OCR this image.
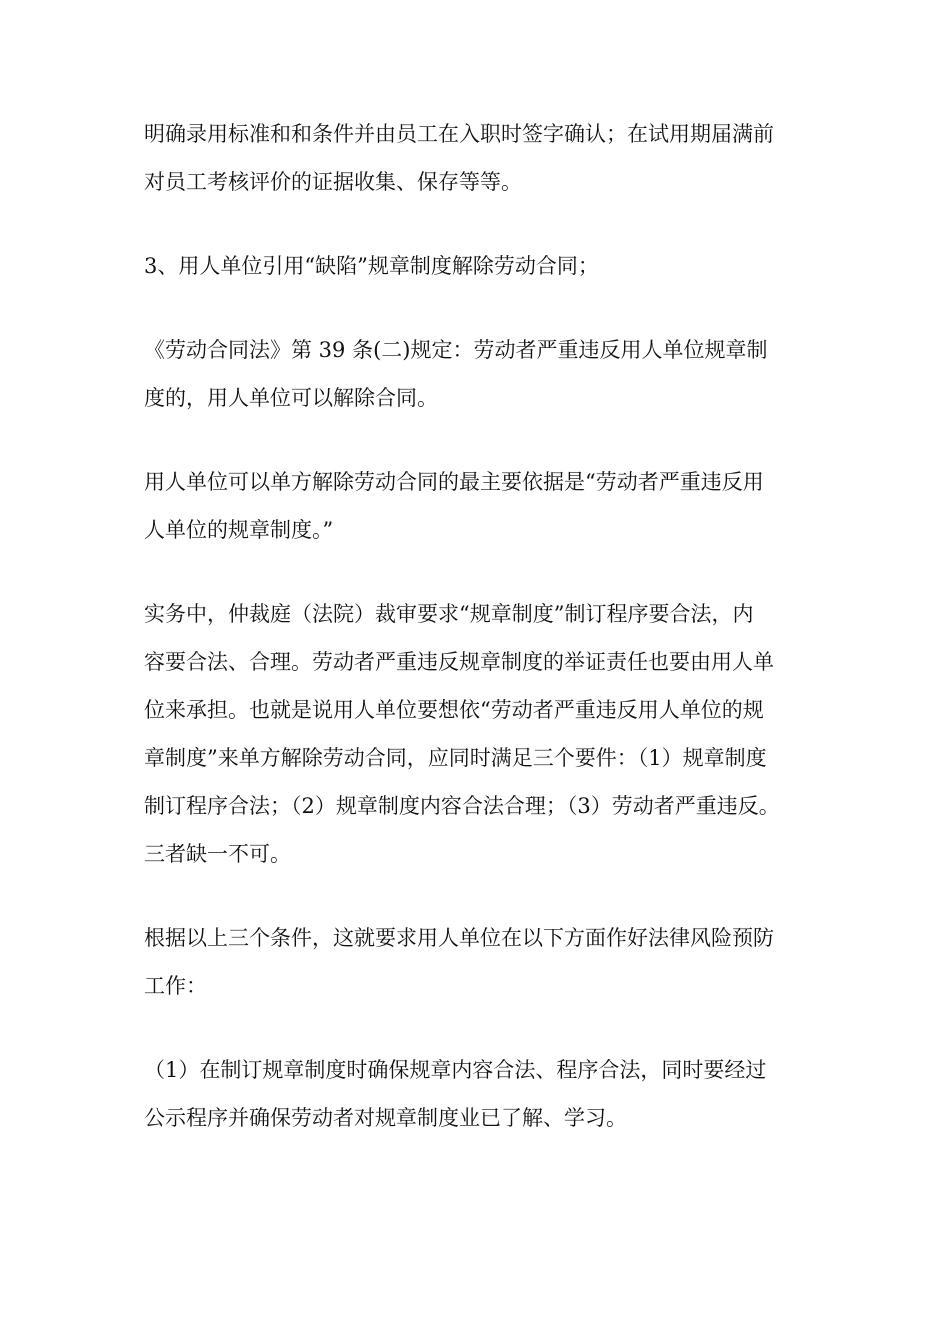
明确录用标准和和条件并由员工在入职时签字确认；在试用期届满前
对员工考核评价的证据收集、保存等等。

3、用人单位引用“缺陷”规章制度解除劳动合同；

《劳动合同法》第 39 条(二)规定：劳动者严重违反用人单位规章制
度的，用人单位可以解除合同。

用人单位可以单方解除劳动合同的最主要依据是“劳动者严重违反用
人单位的规章制度。”

实务中，仲裁庭（法院）裁审要求“规章制度”制订程序要合法，内
容要合法、合理。劳动者严重违反规章制度的举证责任也要由用人单
位来承担。也就是说用人单位要想依“劳动者严重违反用人单位的规
章制度”来单方解除劳动合同，应同时满足三个要件：（1）规章制度
制订程序合法；（2）规章制度内容合法合理；（3）劳动者严重违反。
三者缺一不可。

根据以上三个条件，这就要求用人单位在以下方面作好法律风险预防
工作：

（1）在制订规章制度时确保规章内容合法、程序合法，同时要经过
公示程序并确保劳动者对规章制度业已了解、学习。
